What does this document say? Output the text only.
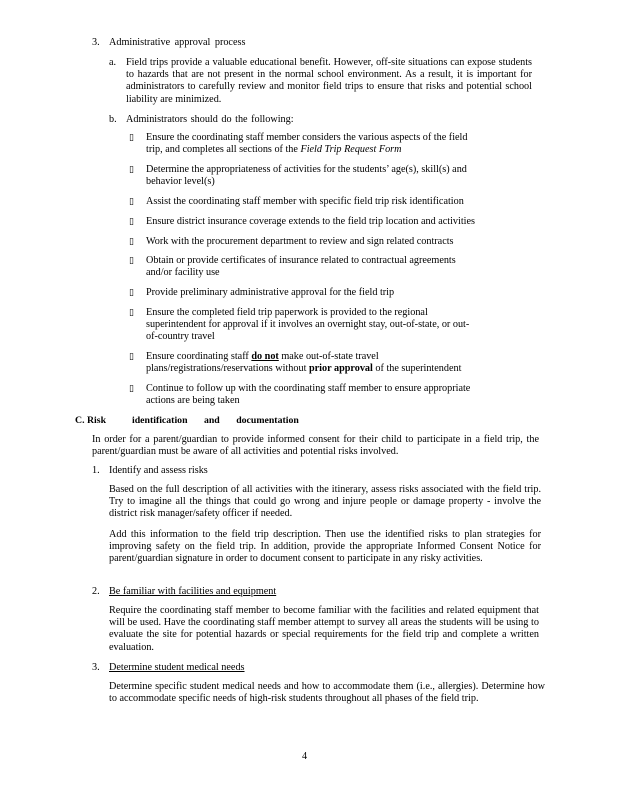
3. Administrative approval process
a. Field trips provide a valuable educational benefit. However, off-site situations can expose students to hazards that are not present in the normal school environment. As a result, it is important for administrators to carefully review and monitor field trips to ensure that risks and potential school liability are minimized.
b. Administrators should do the following:
▯ Ensure the coordinating staff member considers the various aspects of the field
trip, and completes all sections of the Field Trip Request Form
▯ Determine the appropriateness of activities for the students’ age(s), skill(s) and
behavior level(s)
▯ Assist the coordinating staff member with specific field trip risk identification
▯ Ensure district insurance coverage extends to the field trip location and activities
▯ Work with the procurement department to review and sign related contracts
▯ Obtain or provide certificates of insurance related to contractual agreements
and/or facility use
▯ Provide preliminary administrative approval for the field trip
▯ Ensure the completed field trip paperwork is provided to the regional
superintendent for approval if it involves an overnight stay, out-of-state, or out-
of-country travel
▯ Ensure coordinating staff do not make out-of-state travel
plans/registrations/reservations without prior approval of the superintendent
▯ Continue to follow up with the coordinating staff member to ensure appropriate
actions are being taken
C. Risk	identification and documentation
In order for a parent/guardian to provide informed consent for their child to participate in a field trip, the parent/guardian must be aware of all activities and potential risks involved.
1. Identify and assess risks
Based on the full description of all activities with the itinerary, assess risks associated with the field trip. Try to imagine all the things that could go wrong and injure people or damage property - involve the district risk manager/safety officer if needed.
Add this information to the field trip description. Then use the identified risks to plan strategies for improving safety on the field trip. In addition, provide the appropriate Informed Consent Notice for parent/guardian signature in order to document consent to participate in any risky activities.
2. Be familiar with facilities and equipment
Require the coordinating staff member to become familiar with the facilities and related equipment that will be used. Have the coordinating staff member attempt to survey all areas the students will be using to evaluate the site for potential hazards or special requirements for the field trip and complete a written evaluation.
3. Determine student medical needs
Determine specific student medical needs and how to accommodate them (i.e., allergies). Determine how to accommodate specific needs of high-risk students throughout all phases of the field trip.
4
